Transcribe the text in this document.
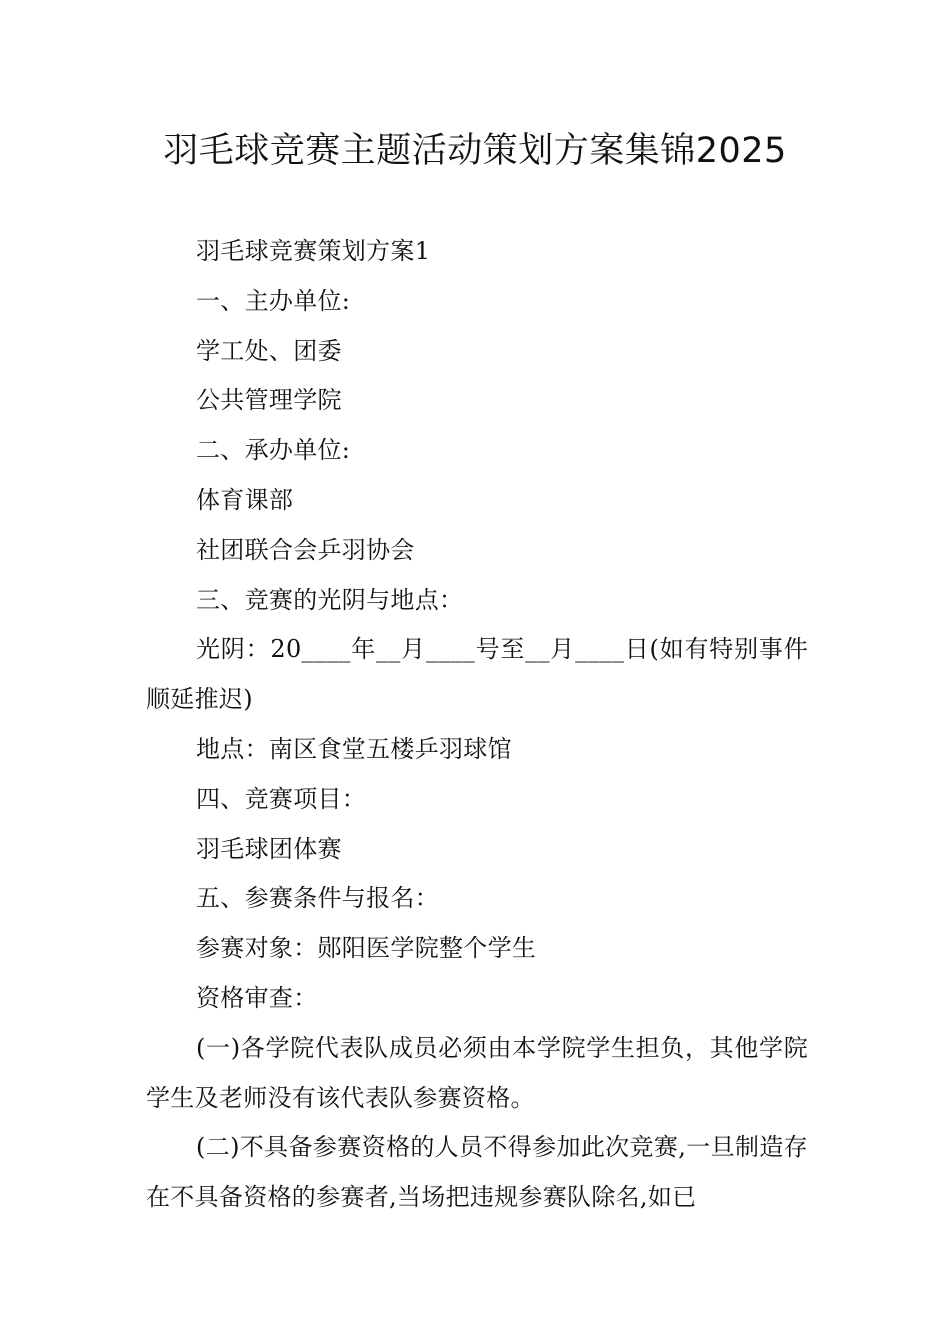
羽毛球竞赛主题活动策划方案集锦2025

羽毛球竞赛策划方案1

一、主办单位:

学工处、团委

公共管理学院

二、承办单位:

体育课部

社团联合会乒羽协会

三、竞赛的光阴与地点：

光阴：20____年__月____号至__月____日(如有特别事件顺延推迟)

地点：南区食堂五楼乒羽球馆

四、竞赛项目：

羽毛球团体赛

五、参赛条件与报名：

参赛对象：郧阳医学院整个学生

资格审查：

(一)各学院代表队成员必须由本学院学生担负，其他学院学生及老师没有该代表队参赛资格。

(二)不具备参赛资格的人员不得参加此次竞赛,一旦制造存在不具备资格的参赛者,当场把违规参赛队除名,如已
